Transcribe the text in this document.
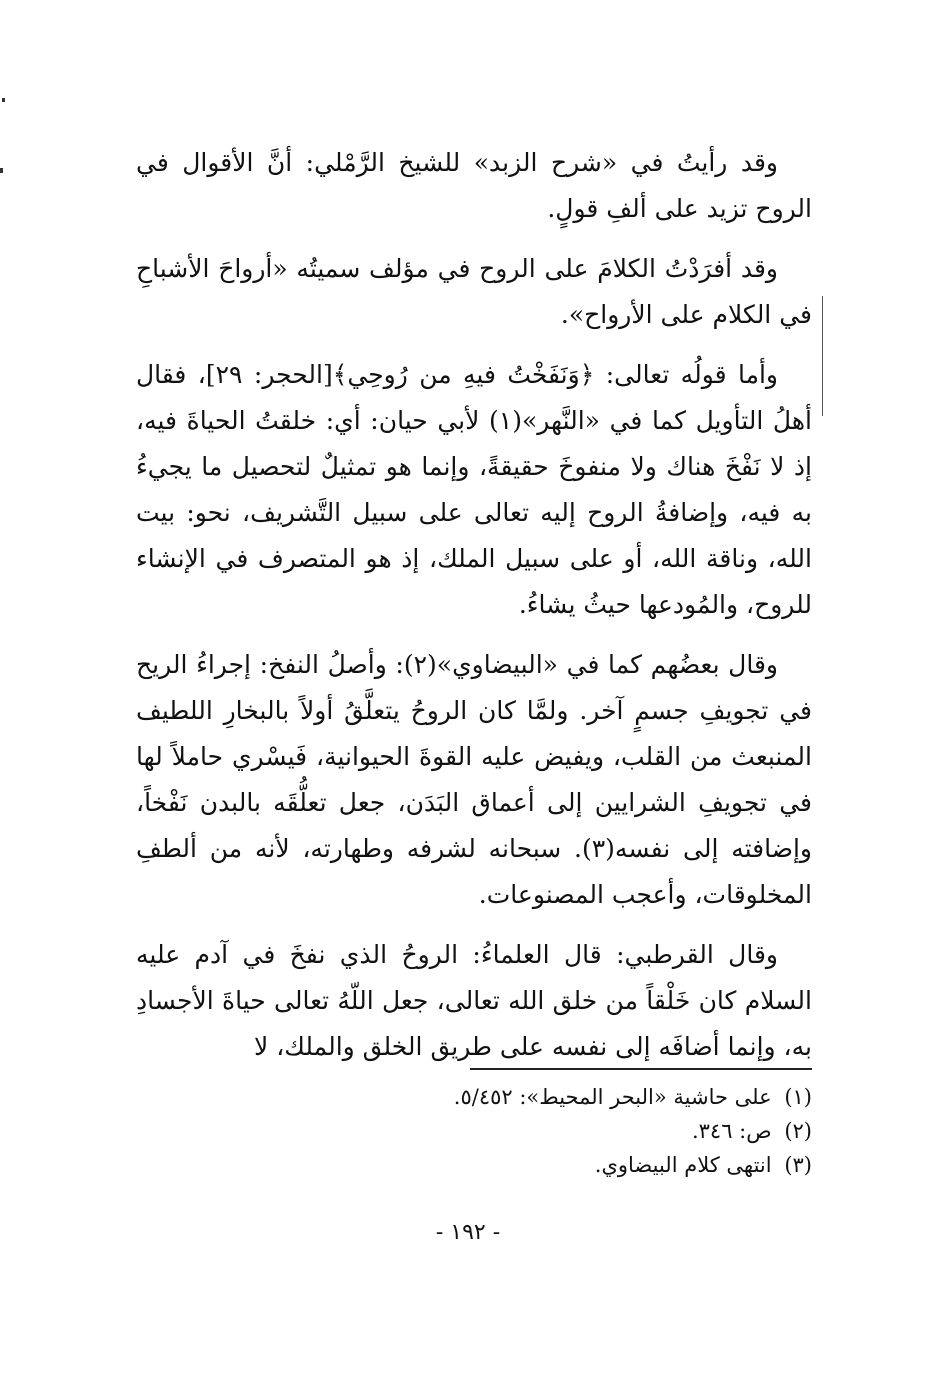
وقد رأيتُ في «شرح الزبد» للشيخ الرَّمْلي: أنَّ الأقوال في الروح تزيد على ألفِ قولٍ.

وقد أفرَدْتُ الكلامَ على الروح في مؤلف سميتُه «أرواحَ الأشباحِ في الكلام على الأرواح».

وأما قولُه تعالى: ﴿وَنَفَخْتُ فيهِ من رُوحِي﴾[الحجر: ٢٩]، فقال أهلُ التأويل كما في «النَّهر»(١) لأبي حيان: أي: خلقتُ الحياةَ فيه، إذ لا نَفْخَ هناك ولا منفوخَ حقيقةً، وإنما هو تمثيلٌ لتحصيل ما يجيءُ به فيه، وإضافةُ الروح إليه تعالى على سبيل التَّشريف، نحو: بيت الله، وناقة الله، أو على سبيل الملك، إذ هو المتصرف في الإنشاء للروح، والمُودعها حيثُ يشاءُ.

وقال بعضُهم كما في «البيضاوي»(٢): وأصلُ النفخ: إجراءُ الريح في تجويفِ جسمٍ آخر. ولمَّا كان الروحُ يتعلَّقُ أولاً بالبخارِ اللطيف المنبعث من القلب، ويفيض عليه القوةَ الحيوانية، فَيسْري حاملاً لها في تجويفِ الشرايين إلى أعماق البَدَن، جعل تعلُّقَه بالبدن نَفْخاً، وإضافته إلى نفسه(٣). سبحانه لشرفه وطهارته، لأنه من ألطفِ المخلوقات، وأعجب المصنوعات.

وقال القرطبي: قال العلماءُ: الروحُ الذي نفخَ في آدم عليه السلام كان خَلْقاً من خلق الله تعالى، جعل اللّهُ تعالى حياةَ الأجسادِ به، وإنما أضافَه إلى نفسه على طريق الخلق والملك، لا

(١) على حاشية «البحر المحيط»: ٥/٤٥٢.
(٢) ص: ٣٤٦.
(٣) انتهى كلام البيضاوي.
- ١٩٢ -
